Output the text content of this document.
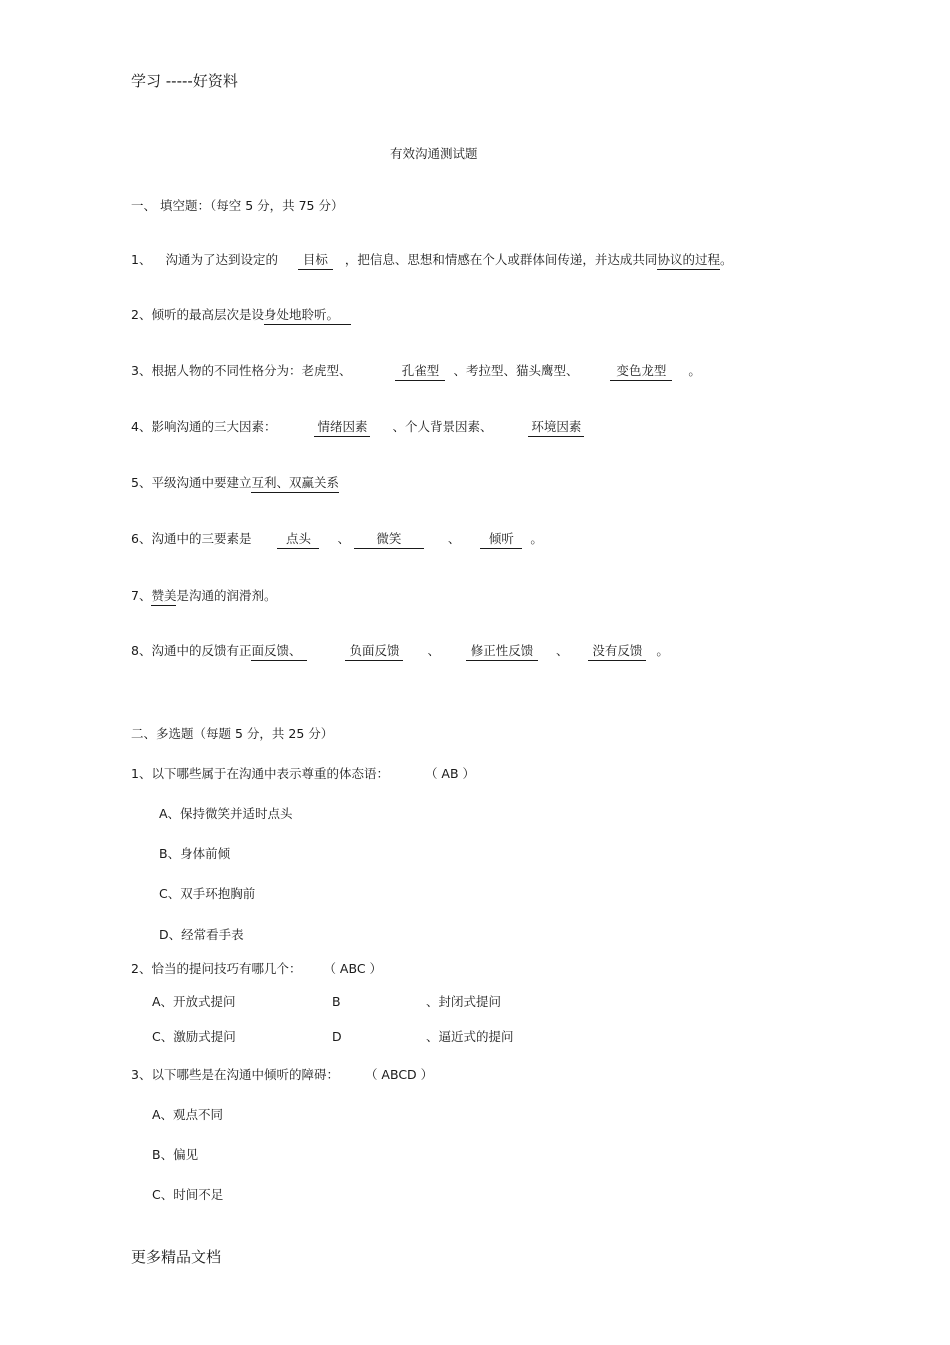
学习 -----好资料
有效沟通测试题
一、 填空题：（每空 5 分，共 75 分）
1、 沟通为了达到设定的 目标 ，把信息、思想和情感在个人或群体间传递，并达成共同协议的过程。
2、倾听的最高层次是设身处地聆听。
3、根据人物的不同性格分为：老虎型、	孔雀型 、考拉型、猫头鹰型、	变色龙型 。
4、影响沟通的三大因素：	情绪因素 、个人背景因素、	环境因素
5、平级沟通中要建立互利、双赢关系
6、沟通中的三要素是	点头 、 微笑	、 倾听 。
7、赞美是沟通的润滑剂。
8、沟通中的反馈有正面反馈、	负面反馈 、 修正性反馈 、 没有反馈 。
二、多选题（每题 5 分，共 25 分）
1、以下哪些属于在沟通中表示尊重的体态语：	（ AB ）
A、保持微笑并适时点头
B、身体前倾
C、双手环抱胸前
D、经常看手表
2、恰当的提问技巧有哪几个： （ ABC ）
A、开放式提问	B	、封闭式提问
C、激励式提问	D	、逼近式的提问
3、以下哪些是在沟通中倾听的障碍： （ ABCD ）
A、观点不同
B、偏见
C、时间不足
更多精品文档
